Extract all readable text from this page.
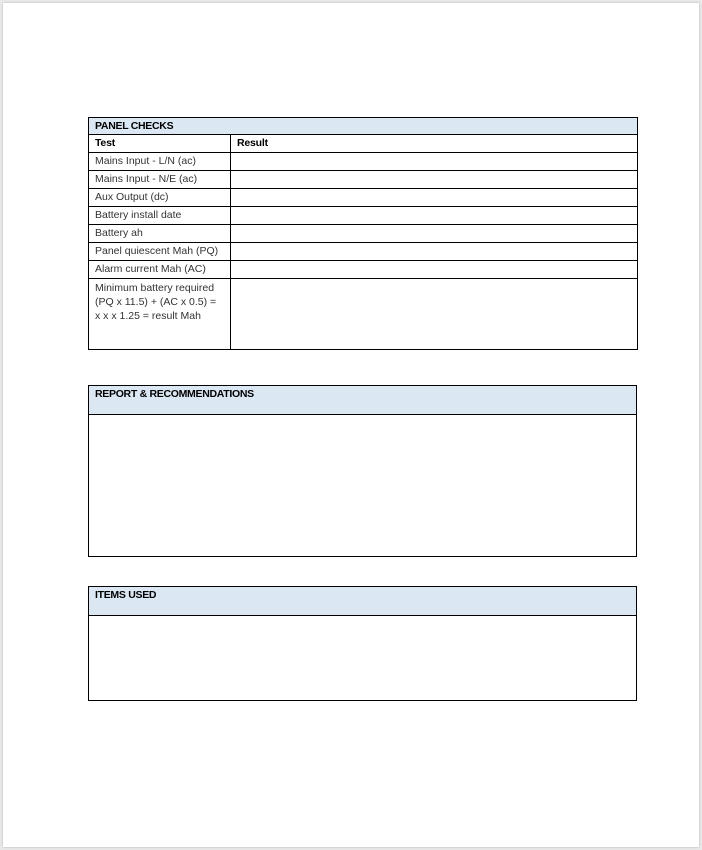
PANEL CHECKS	
Test	Result
Mains Input - L/N (ac)	
Mains Input - N/E (ac)	
Aux Output (dc)	
Battery install date	
Battery ah	
Panel quiescent Mah (PQ)	
Alarm current Mah (AC)	
Minimum battery required (PQ x 11.5) + (AC x 0.5) = x x x 1.25 = result Mah	
REPORT & RECOMMENDATIONS

ITEMS USED
